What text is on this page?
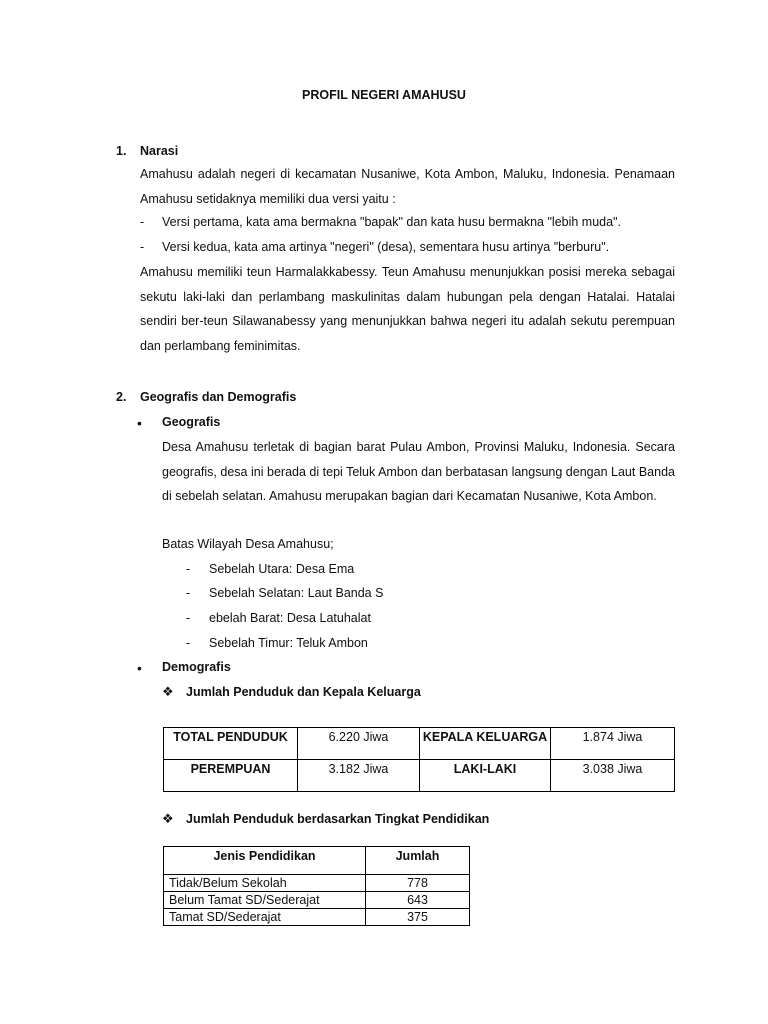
PROFIL NEGERI AMAHUSU
1. Narasi
Amahusu adalah negeri di kecamatan Nusaniwe, Kota Ambon, Maluku, Indonesia. Penamaan Amahusu setidaknya memiliki dua versi yaitu :
- Versi pertama, kata ama bermakna "bapak" dan kata husu bermakna "lebih muda".
- Versi kedua, kata ama artinya "negeri" (desa), sementara husu artinya "berburu".
Amahusu memiliki teun Harmalakkabessy. Teun Amahusu menunjukkan posisi mereka sebagai sekutu laki-laki dan perlambang maskulinitas dalam hubungan pela dengan Hatalai. Hatalai sendiri ber-teun Silawanabessy yang menunjukkan bahwa negeri itu adalah sekutu perempuan dan perlambang feminimitas.
2. Geografis dan Demografis
• Geografis
Desa Amahusu terletak di bagian barat Pulau Ambon, Provinsi Maluku, Indonesia. Secara geografis, desa ini berada di tepi Teluk Ambon dan berbatasan langsung dengan Laut Banda di sebelah selatan. Amahusu merupakan bagian dari Kecamatan Nusaniwe, Kota Ambon.
Batas Wilayah Desa Amahusu;
- Sebelah Utara: Desa Ema
- Sebelah Selatan: Laut Banda S
- ebelah Barat: Desa Latuhalat
- Sebelah Timur: Teluk Ambon
• Demografis
❖ Jumlah Penduduk dan Kepala Keluarga
TOTAL PENDUDUK	6.220 Jiwa	KEPALA KELUARGA	1.874 Jiwa
PEREMPUAN	3.182 Jiwa	LAKI-LAKI	3.038 Jiwa
❖ Jumlah Penduduk berdasarkan Tingkat Pendidikan
Jenis Pendidikan	Jumlah
Tidak/Belum Sekolah	778
Belum Tamat SD/Sederajat	643
Tamat SD/Sederajat	375
